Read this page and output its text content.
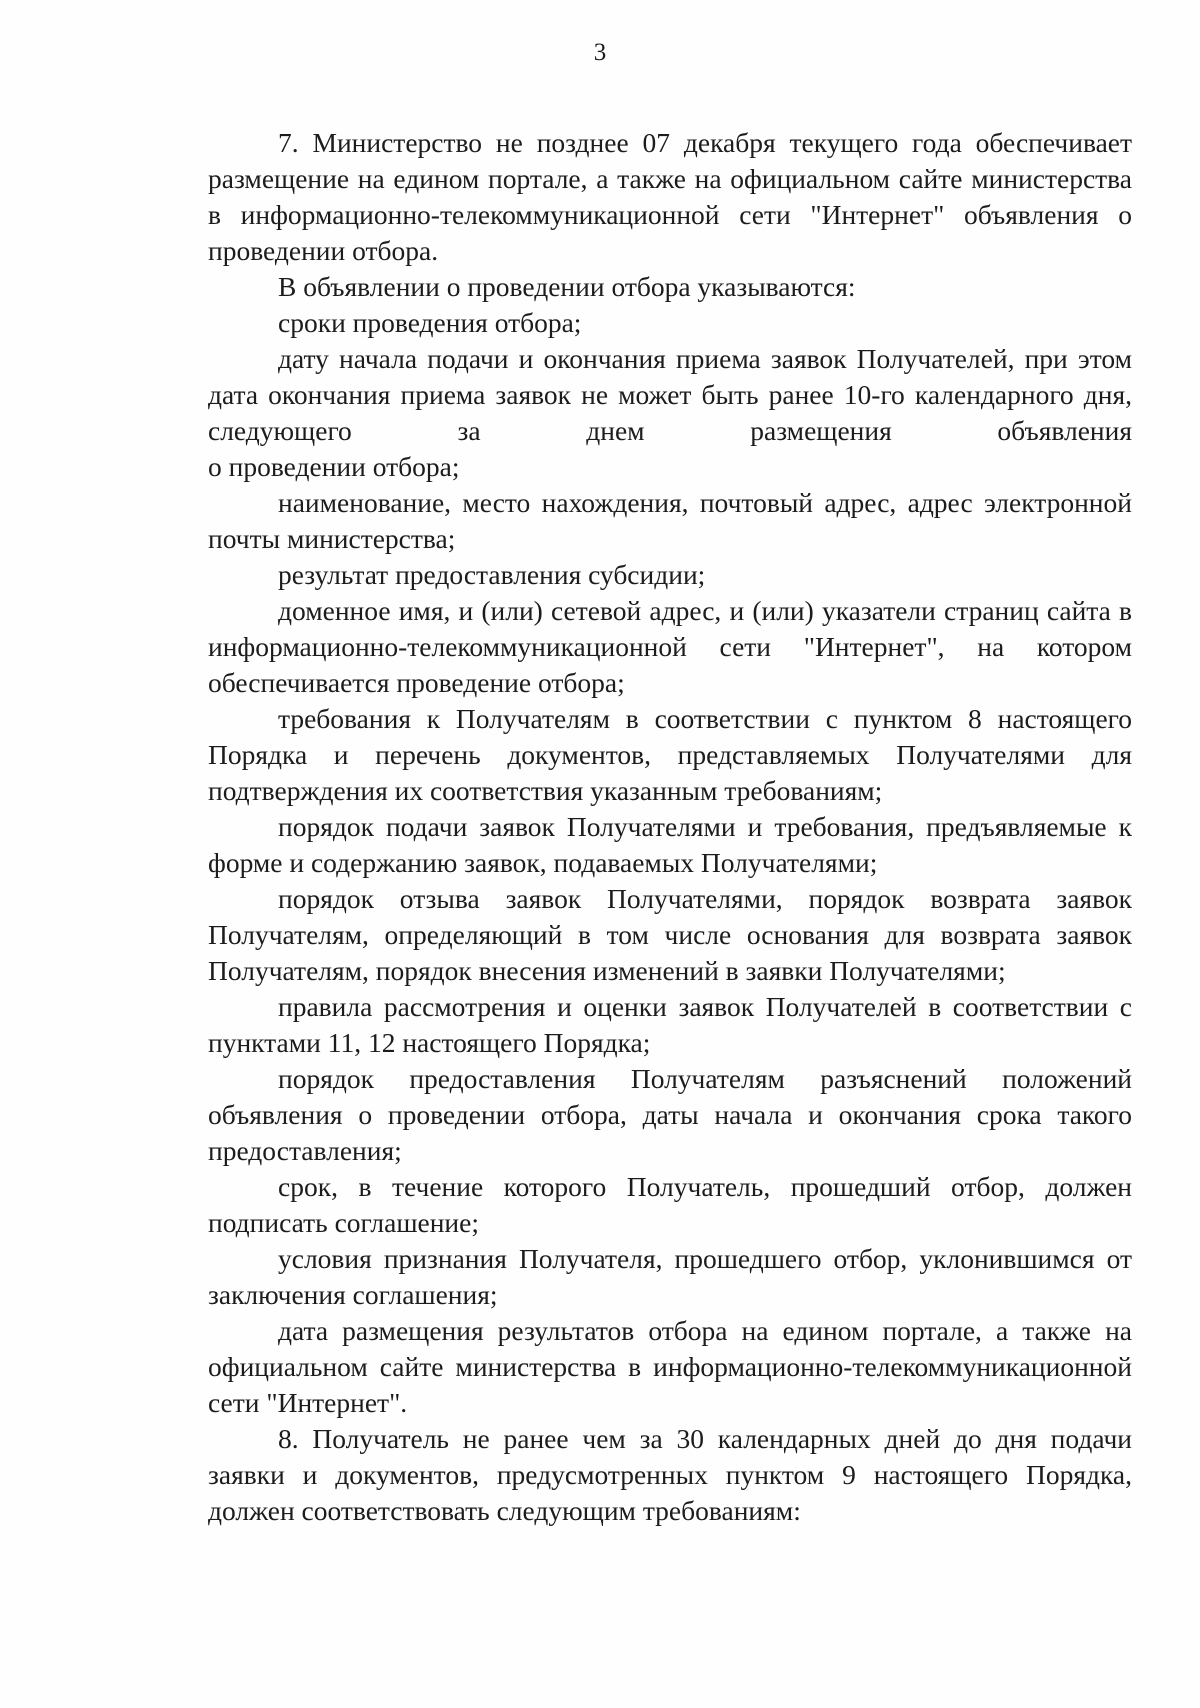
3

7. Министерство не позднее 07 декабря текущего года обеспечивает размещение на едином портале, а также на официальном сайте министерства в информационно-телекоммуникационной сети "Интернет" объявления о проведении отбора.

В объявлении о проведении отбора указываются:

сроки проведения отбора;

дату начала подачи и окончания приема заявок Получателей, при этом дата окончания приема заявок не может быть ранее 10-го календарного дня, следующего за днем размещения объявления

о проведении отбора;

наименование, место нахождения, почтовый адрес, адрес электронной почты министерства;

результат предоставления субсидии;

доменное имя, и (или) сетевой адрес, и (или) указатели страниц сайта в информационно-телекоммуникационной сети "Интернет", на котором обеспечивается проведение отбора;

требования к Получателям в соответствии с пунктом 8 настоящего Порядка и перечень документов, представляемых Получателями для подтверждения их соответствия указанным требованиям;

порядок подачи заявок Получателями и требования, предъявляемые к форме и содержанию заявок, подаваемых Получателями;

порядок отзыва заявок Получателями, порядок возврата заявок Получателям, определяющий в том числе основания для возврата заявок Получателям, порядок внесения изменений в заявки Получателями;

правила рассмотрения и оценки заявок Получателей в соответствии с пунктами 11, 12 настоящего Порядка;

порядок предоставления Получателям разъяснений положений объявления о проведении отбора, даты начала и окончания срока такого предоставления;

срок, в течение которого Получатель, прошедший отбор, должен подписать соглашение;

условия признания Получателя, прошедшего отбор, уклонившимся от заключения соглашения;

дата размещения результатов отбора на едином портале, а также на официальном сайте министерства в информационно-телекоммуникационной сети "Интернет".

8. Получатель не ранее чем за 30 календарных дней до дня подачи заявки и документов, предусмотренных пунктом 9 настоящего Порядка, должен соответствовать следующим требованиям:
